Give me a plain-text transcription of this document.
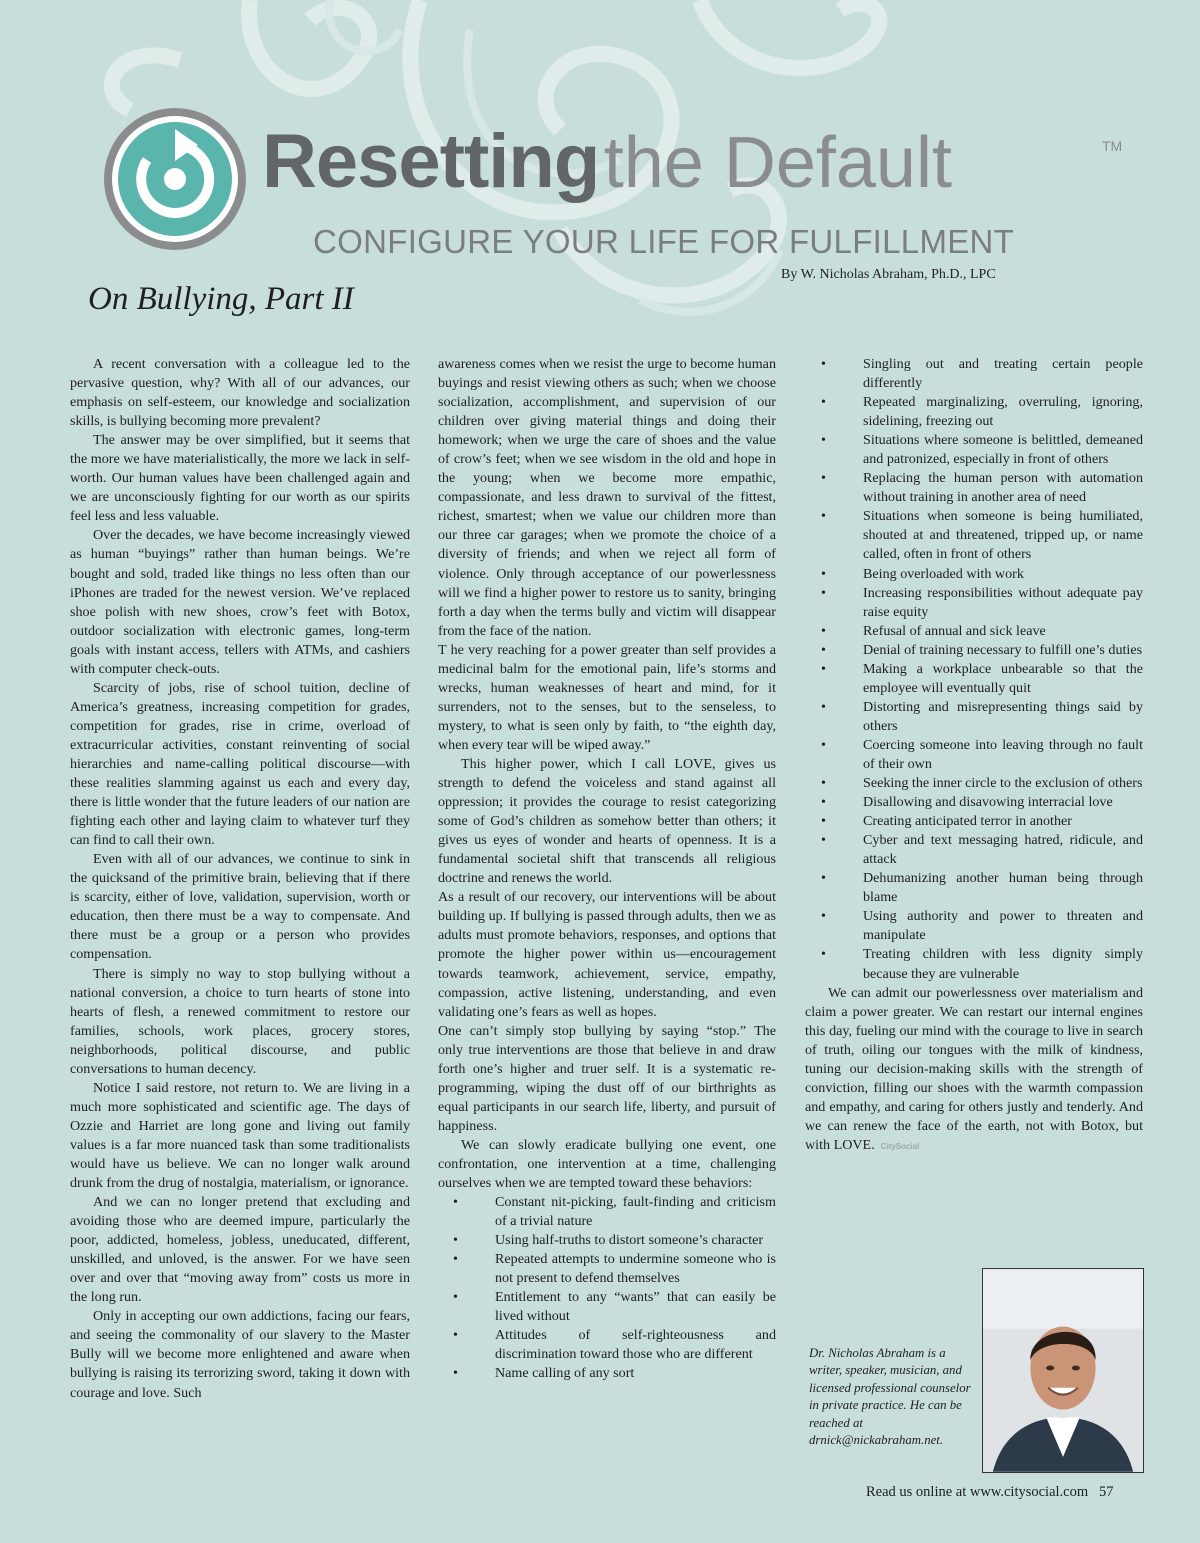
Resetting the Default	TM
CONFIGURE YOUR LIFE FOR FULFILLMENT
By W. Nicholas Abraham, Ph.D., LPC
On Bullying, Part II

A recent conversation with a colleague led to the pervasive question, why? With all of our advances, our emphasis on self-esteem, our knowledge and socialization skills, is bullying becoming more prevalent?

The answer may be over simplified, but it seems that the more we have materialistically, the more we lack in self-worth. Our human values have been challenged again and we are unconsciously fighting for our worth as our spirits feel less and less valuable.

Over the decades, we have become increasingly viewed as human “buyings” rather than human beings. We’re bought and sold, traded like things no less often than our iPhones are traded for the newest version. We’ve replaced shoe polish with new shoes, crow’s feet with Botox, outdoor socialization with electronic games, long-term goals with instant access, tellers with ATMs, and cashiers with computer check-outs.

Scarcity of jobs, rise of school tuition, decline of America’s greatness, increasing competition for grades, competition for grades, rise in crime, overload of extracurricular activities, constant reinventing of social hierarchies and name-calling political discourse—with these realities slamming against us each and every day, there is little wonder that the future leaders of our nation are fighting each other and laying claim to whatever turf they can find to call their own.

Even with all of our advances, we continue to sink in the quicksand of the primitive brain, believing that if there is scarcity, either of love, validation, supervision, worth or education, then there must be a way to compensate. And there must be a group or a person who provides compensation.

There is simply no way to stop bullying without a national conversion, a choice to turn hearts of stone into hearts of flesh, a renewed commitment to restore our families, schools, work places, grocery stores, neighborhoods, political discourse, and public conversations to human decency.

Notice I said restore, not return to. We are living in a much more sophisticated and scientific age. The days of Ozzie and Harriet are long gone and living out family values is a far more nuanced task than some traditionalists would have us believe. We can no longer walk around drunk from the drug of nostalgia, materialism, or ignorance.

And we can no longer pretend that excluding and avoiding those who are deemed impure, particularly the poor, addicted, homeless, jobless, uneducated, different, unskilled, and unloved, is the answer. For we have seen over and over that “moving away from” costs us more in the long run.

Only in accepting our own addictions, facing our fears, and seeing the commonality of our slavery to the Master Bully will we become more enlightened and aware when bullying is raising its terrorizing sword, taking it down with courage and love. Such

awareness comes when we resist the urge to become human buyings and resist viewing others as such; when we choose socialization, accomplishment, and supervision of our children over giving material things and doing their homework; when we urge the care of shoes and the value of crow’s feet; when we see wisdom in the old and hope in the young; when we become more empathic, compassionate, and less drawn to survival of the fittest, richest, smartest; when we value our children more than our three car garages; when we promote the choice of a diversity of friends; and when we reject all form of violence. Only through acceptance of our powerlessness will we find a higher power to restore us to sanity, bringing forth a day when the terms bully and victim will disappear from the face of the nation.

T he very reaching for a power greater than self provides a medicinal balm for the emotional pain, life’s storms and wrecks, human weaknesses of heart and mind, for it surrenders, not to the senses, but to the senseless, to mystery, to what is seen only by faith, to “the eighth day, when every tear will be wiped away.”

This higher power, which I call LOVE, gives us strength to defend the voiceless and stand against all oppression; it provides the courage to resist categorizing some of God’s children as somehow better than others; it gives us eyes of wonder and hearts of openness. It is a fundamental societal shift that transcends all religious doctrine and renews the world.

As a result of our recovery, our interventions will be about building up. If bullying is passed through adults, then we as adults must promote behaviors, responses, and options that promote the higher power within us—encouragement towards teamwork, achievement, service, empathy, compassion, active listening, understanding, and even validating one’s fears as well as hopes.

One can’t simply stop bullying by saying “stop.” The       only true interventions are those that believe in and draw forth one’s higher and truer self. It is a systematic re-programming, wiping the dust off of our birthrights as equal participants in our search life, liberty, and pursuit of happiness.

We can slowly eradicate bullying one event, one confrontation, one intervention at a time, challenging ourselves when we are tempted toward these behaviors:

•	Constant nit-picking, fault-finding and criticism of a trivial nature
•	Using half-truths to distort someone’s character
•	Repeated attempts to undermine someone who is not present to defend themselves
•	Entitlement to any “wants” that can easily be lived without
•	Attitudes of self-righteousness and discrimination toward those who are different
•	Name calling of any sort
•	Singling out and treating certain people differently
•	Repeated marginalizing, overruling, ignoring, sidelining, freezing out
•	Situations where someone is belittled, demeaned and patronized, especially in front of others
•	Replacing the human person with automation without training in another area of need
•	Situations when someone is being humiliated, shouted at and threatened, tripped up, or name called, often in front of others
•	Being overloaded with work
•	Increasing responsibilities without adequate pay raise equity
•	Refusal of annual and sick leave
•	Denial of training necessary to fulfill one’s duties
•	Making a workplace unbearable so that the employee will eventually quit
•	Distorting and misrepresenting things said by others
•	Coercing someone into leaving through no fault of their own
•	Seeking the inner circle to the exclusion of others
•	Disallowing and disavowing interracial love
•	Creating anticipated terror in another
•	Cyber and text messaging hatred, ridicule, and attack
•	Dehumanizing another human being through blame
•	Using authority and power to threaten and manipulate
•	Treating children with less dignity simply because they are vulnerable

We can admit our powerlessness over materialism and claim a power greater. We can restart our internal engines this day, fueling our mind with the courage to live in search of truth, oiling our tongues with the milk of kindness, tuning our decision-making skills with the strength of conviction, filling our shoes with the warmth compassion and empathy, and caring for others justly and tenderly. And we can renew the face of the earth, not with Botox, but with LOVE. CitySocial

Dr. Nicholas Abraham is a writer, speaker, musician, and licensed professional counselor in private practice. He can be reached at drnick@nickabraham.net.
Read us online at www.citysocial.com 57
